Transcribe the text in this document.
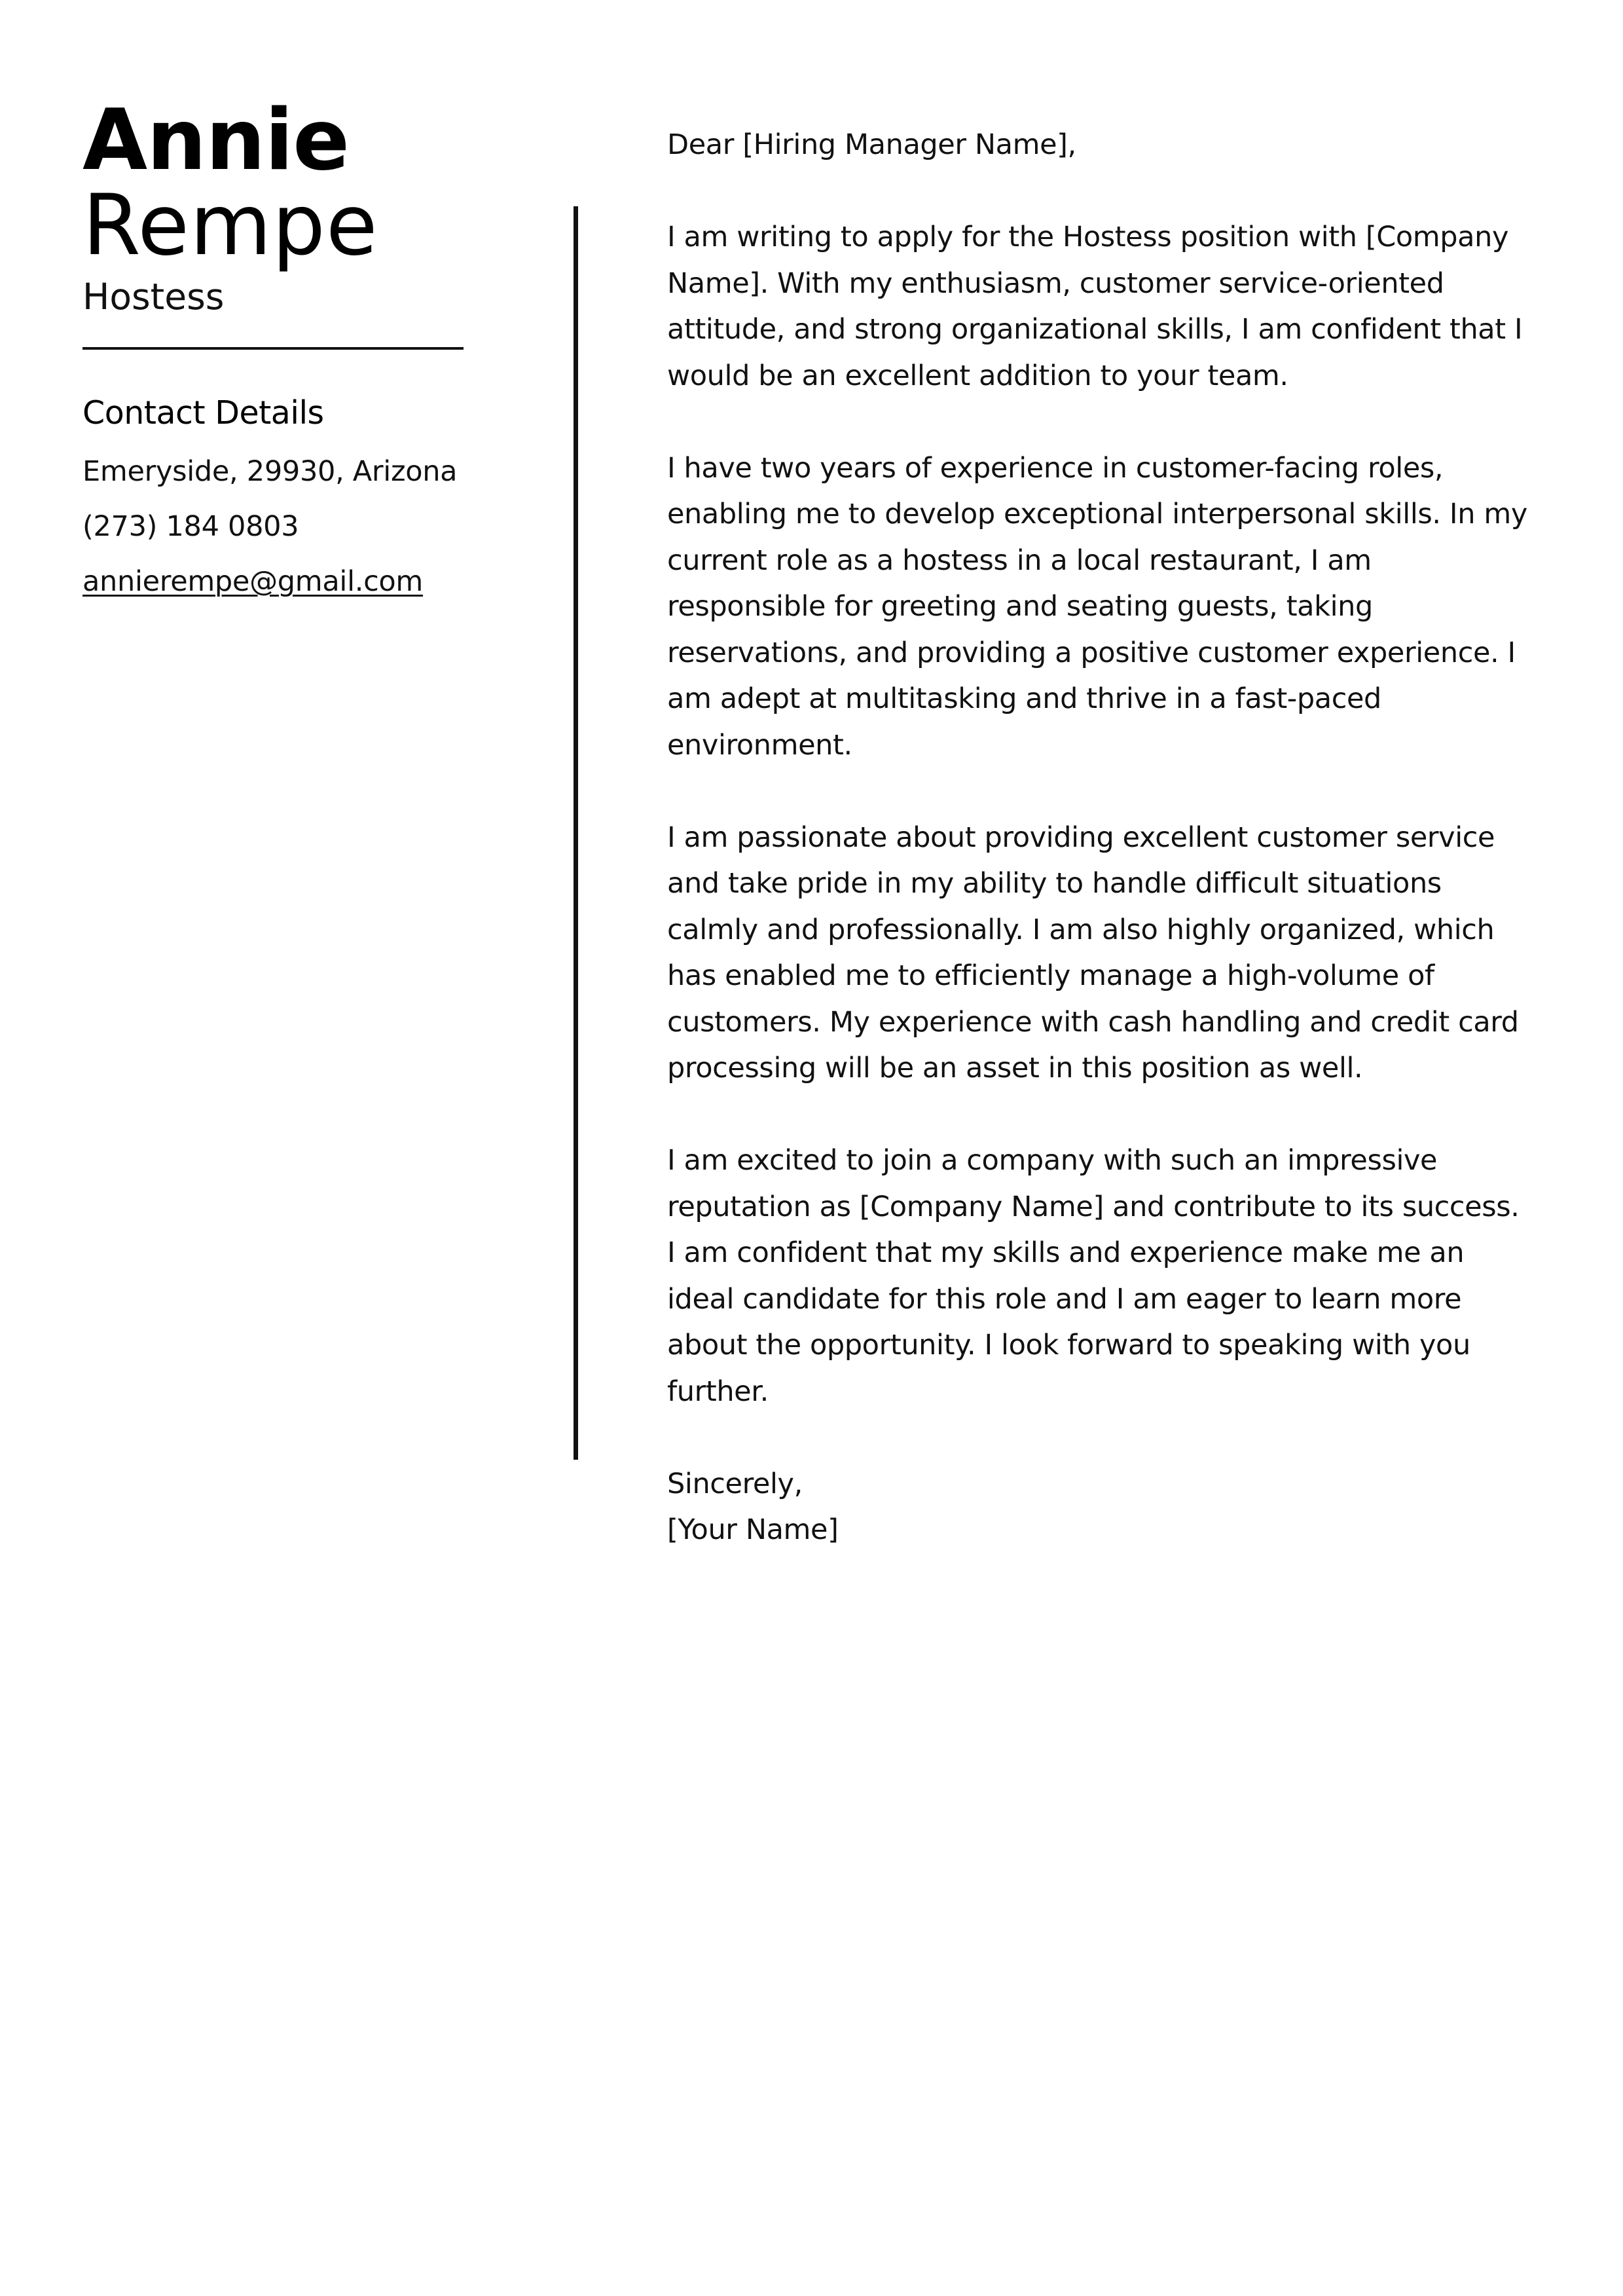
Annie
Rempe
Hostess
Contact Details
Emeryside, 29930, Arizona
(273) 184 0803
annierempe@gmail.com

Dear [Hiring Manager Name],

I am writing to apply for the Hostess position with [Company Name]. With my enthusiasm, customer service-oriented attitude, and strong organizational skills, I am confident that I would be an excellent addition to your team.

I have two years of experience in customer-facing roles, enabling me to develop exceptional interpersonal skills. In my current role as a hostess in a local restaurant, I am responsible for greeting and seating guests, taking reservations, and providing a positive customer experience. I am adept at multitasking and thrive in a fast-paced environment.

I am passionate about providing excellent customer service and take pride in my ability to handle difficult situations calmly and professionally. I am also highly organized, which has enabled me to efficiently manage a high-volume of customers. My experience with cash handling and credit card processing will be an asset in this position as well.

I am excited to join a company with such an impressive reputation as [Company Name] and contribute to its success. I am confident that my skills and experience make me an ideal candidate for this role and I am eager to learn more about the opportunity. I look forward to speaking with you further.

Sincerely,
[Your Name]
